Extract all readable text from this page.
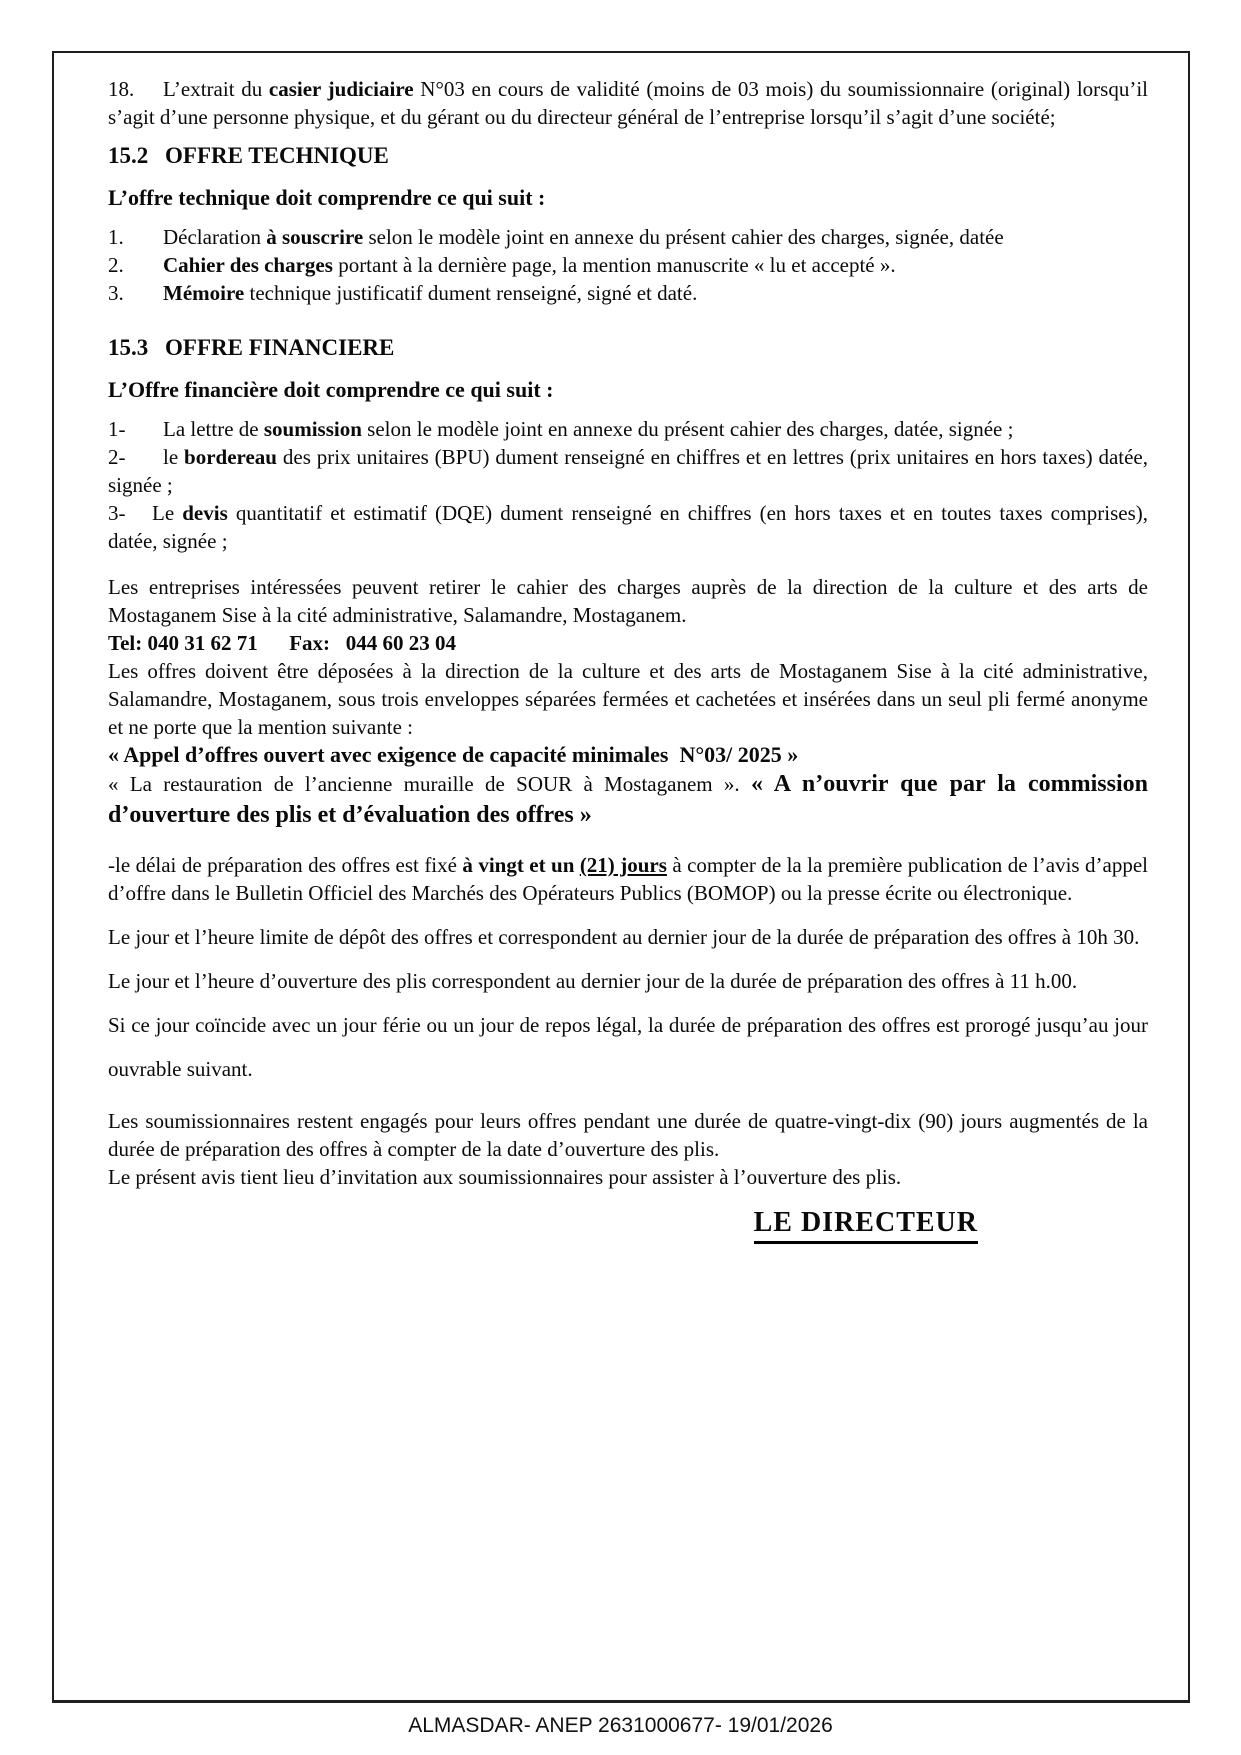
18. L’extrait du casier judiciaire N°03 en cours de validité (moins de 03 mois) du soumissionnaire (original) lorsqu’il s’agit d’une personne physique, et du gérant ou du directeur général de l’entreprise lorsqu’il s’agit d’une société;

15.2 OFFRE TECHNIQUE

L’offre technique doit comprendre ce qui suit :

1. Déclaration à souscrire selon le modèle joint en annexe du présent cahier des charges, signée, datée

2. Cahier des charges portant à la dernière page, la mention manuscrite « lu et accepté ».

3. Mémoire technique justificatif dument renseigné, signé et daté.

15.3 OFFRE FINANCIERE

L’Offre financière doit comprendre ce qui suit :

1- La lettre de soumission selon le modèle joint en annexe du présent cahier des charges, datée, signée ;

2- le bordereau des prix unitaires (BPU) dument renseigné en chiffres et en lettres (prix unitaires en hors taxes) datée, signée ;

3- Le devis quantitatif et estimatif (DQE) dument renseigné en chiffres (en hors taxes et en toutes taxes comprises), datée, signée ;

Les entreprises intéressées peuvent retirer le cahier des charges auprès de la direction de la culture et des arts de Mostaganem Sise à la cité administrative, Salamandre, Mostaganem.

Tel: 040 31 62 71      Fax:   044 60 23 04

Les offres doivent être déposées à la direction de la culture et des arts de Mostaganem Sise à la cité administrative, Salamandre, Mostaganem, sous trois enveloppes séparées fermées et cachetées et insérées dans un seul pli fermé anonyme et ne porte que la mention suivante :

« Appel d’offres ouvert avec exigence de capacité minimales  N°03/ 2025 »

« La restauration de l’ancienne muraille de SOUR à Mostaganem ». « A n’ouvrir que par la commission d’ouverture des plis et d’évaluation des offres »

-le délai de préparation des offres est fixé à vingt et un (21) jours à compter de la la première publication de l’avis d’appel d’offre dans le Bulletin Officiel des Marchés des Opérateurs Publics (BOMOP) ou la presse écrite ou électronique.

Le jour et l’heure limite de dépôt des offres et correspondent au dernier jour de la durée de préparation des offres à 10h 30.

Le jour et l’heure d’ouverture des plis correspondent au dernier jour de la durée de préparation des offres à 11 h.00.

Si ce jour coïncide avec un jour férie ou un jour de repos légal, la durée de préparation des offres est prorogé jusqu’au jour ouvrable suivant.

Les soumissionnaires restent engagés pour leurs offres pendant une durée de quatre-vingt-dix (90) jours augmentés de la durée de préparation des offres à compter de la date d’ouverture des plis.

Le présent avis tient lieu d’invitation aux soumissionnaires pour assister à l’ouverture des plis.

LE DIRECTEUR
ALMASDAR- ANEP 2631000677- 19/01/2026
